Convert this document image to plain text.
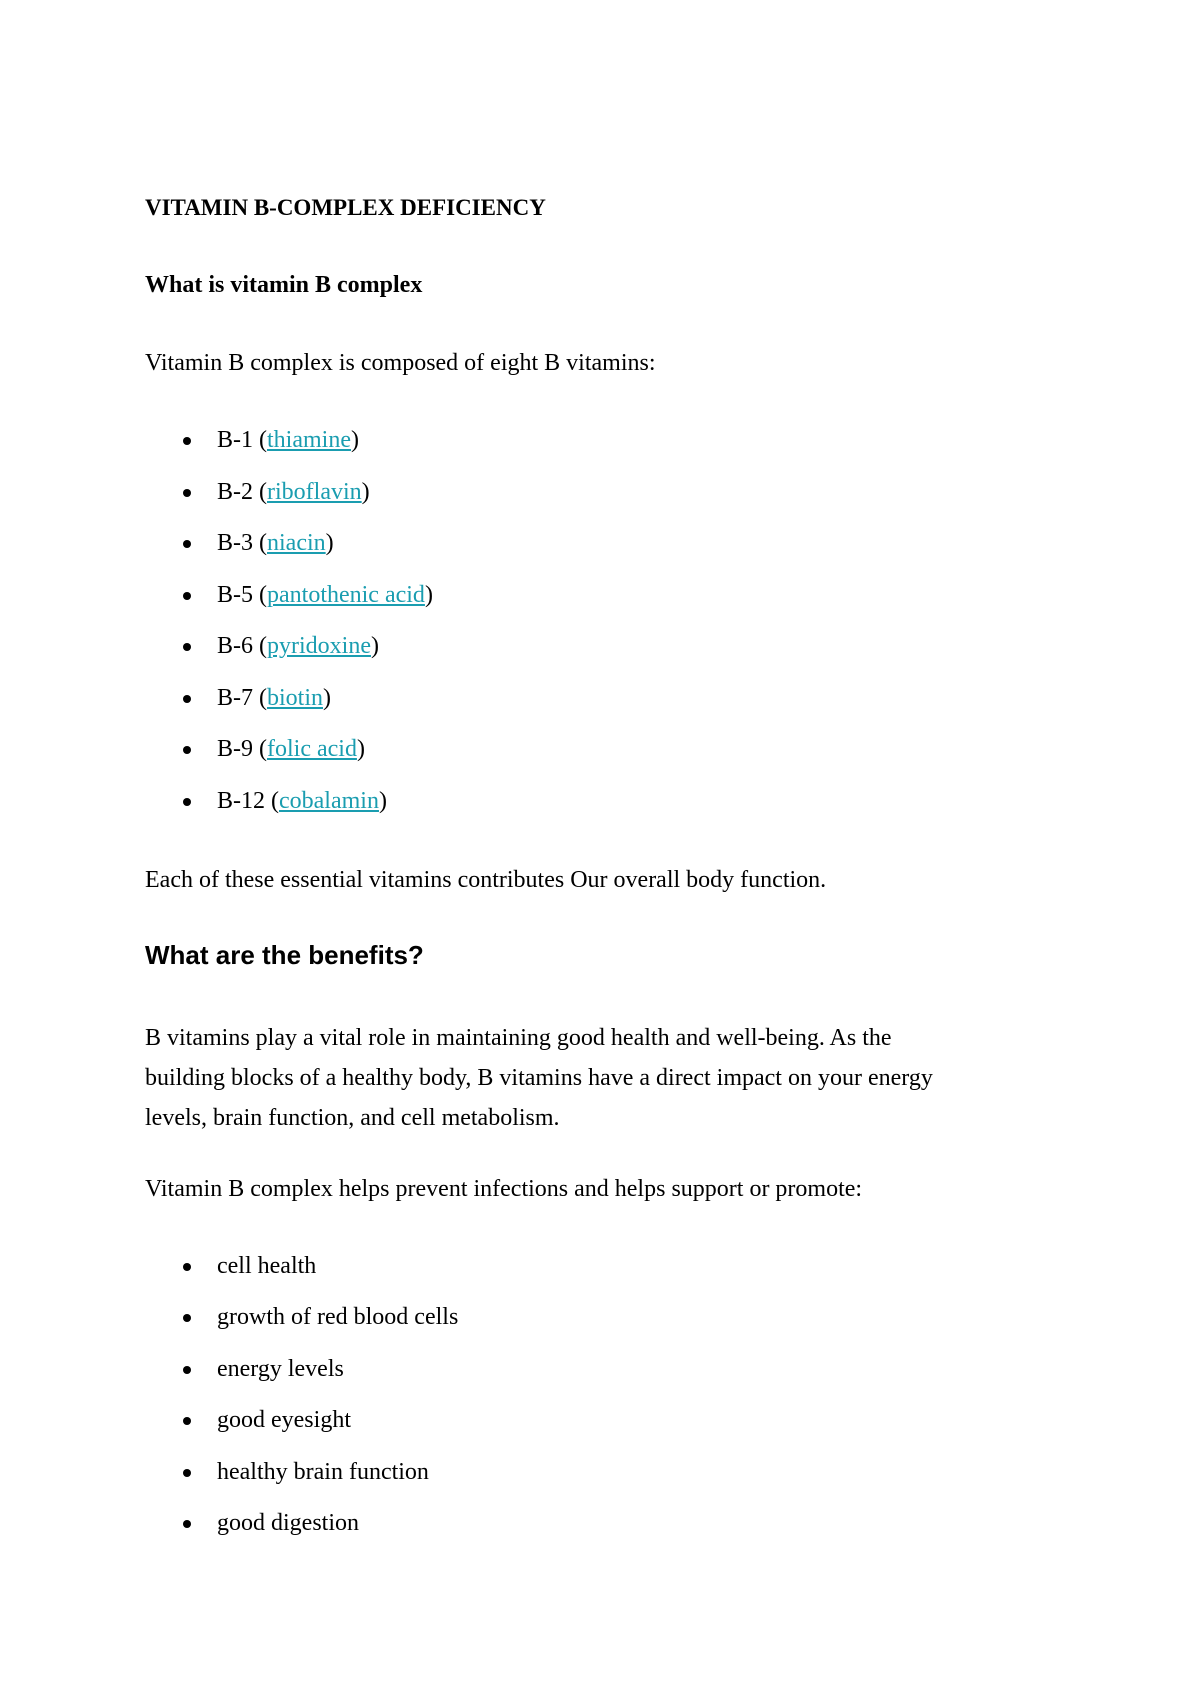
VITAMIN B-COMPLEX DEFICIENCY
What is vitamin B complex
Vitamin B complex is composed of eight B vitamins:
B-1 (thiamine)
B-2 (riboflavin)
B-3 (niacin)
B-5 (pantothenic acid)
B-6 (pyridoxine)
B-7 (biotin)
B-9 (folic acid)
B-12 (cobalamin)
Each of these essential vitamins contributes Our overall body function.
What are the benefits?
B vitamins play a vital role in maintaining good health and well-being. As the
building blocks of a healthy body, B vitamins have a direct impact on your energy
levels, brain function, and cell metabolism.
Vitamin B complex helps prevent infections and helps support or promote:
cell health
growth of red blood cells
energy levels
good eyesight
healthy brain function
good digestion
